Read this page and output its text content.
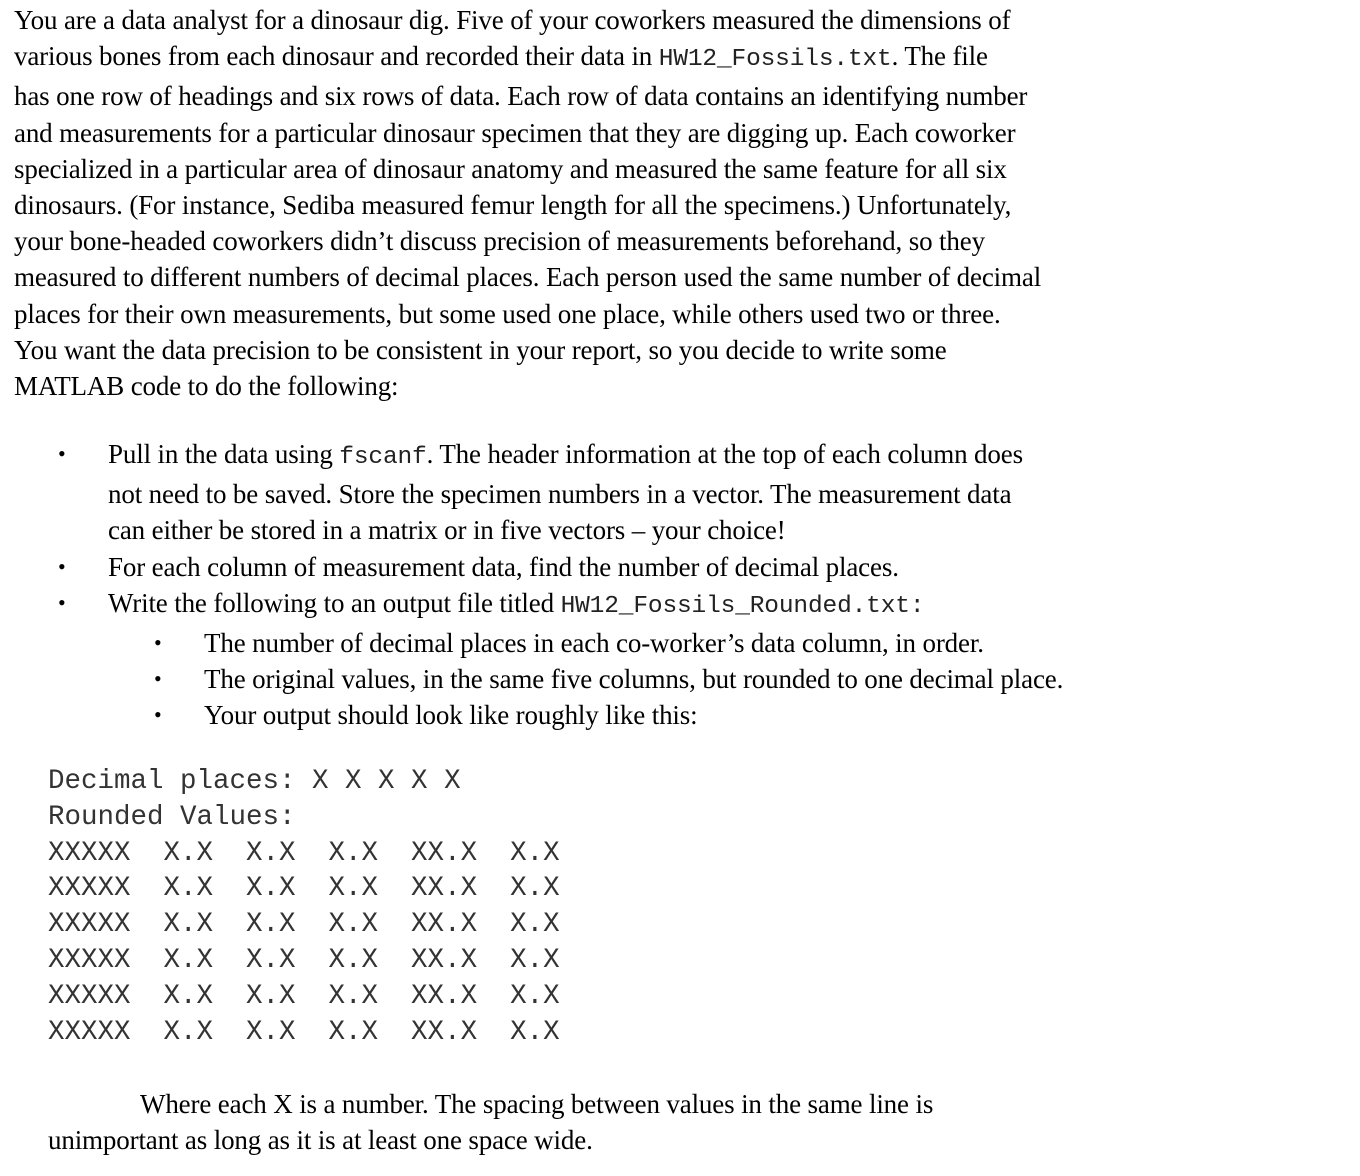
You are a data analyst for a dinosaur dig. Five of your coworkers measured the dimensions of
various bones from each dinosaur and recorded their data in HW12_Fossils.txt. The file
has one row of headings and six rows of data. Each row of data contains an identifying number
and measurements for a particular dinosaur specimen that they are digging up. Each coworker
specialized in a particular area of dinosaur anatomy and measured the same feature for all six
dinosaurs. (For instance, Sediba measured femur length for all the specimens.) Unfortunately,
your bone-headed coworkers didn’t discuss precision of measurements beforehand, so they
measured to different numbers of decimal places. Each person used the same number of decimal
places for their own measurements, but some used one place, while others used two or three.
You want the data precision to be consistent in your report, so you decide to write some
MATLAB code to do the following:

• Pull in the data using fscanf. The header information at the top of each column does
not need to be saved. Store the specimen numbers in a vector. The measurement data
can either be stored in a matrix or in five vectors – your choice!
• For each column of measurement data, find the number of decimal places.
• Write the following to an output file titled HW12_Fossils_Rounded.txt:
• The number of decimal places in each co-worker’s data column, in order.
• The original values, in the same five columns, but rounded to one decimal place.
• Your output should look like roughly like this:
Decimal places: X X X X X
Rounded Values:
XXXXX  X.X  X.X  X.X  XX.X  X.X
XXXXX  X.X  X.X  X.X  XX.X  X.X
XXXXX  X.X  X.X  X.X  XX.X  X.X
XXXXX  X.X  X.X  X.X  XX.X  X.X
XXXXX  X.X  X.X  X.X  XX.X  X.X
XXXXX  X.X  X.X  X.X  XX.X  X.X

Where each X is a number. The spacing between values in the same line is
unimportant as long as it is at least one space wide.
